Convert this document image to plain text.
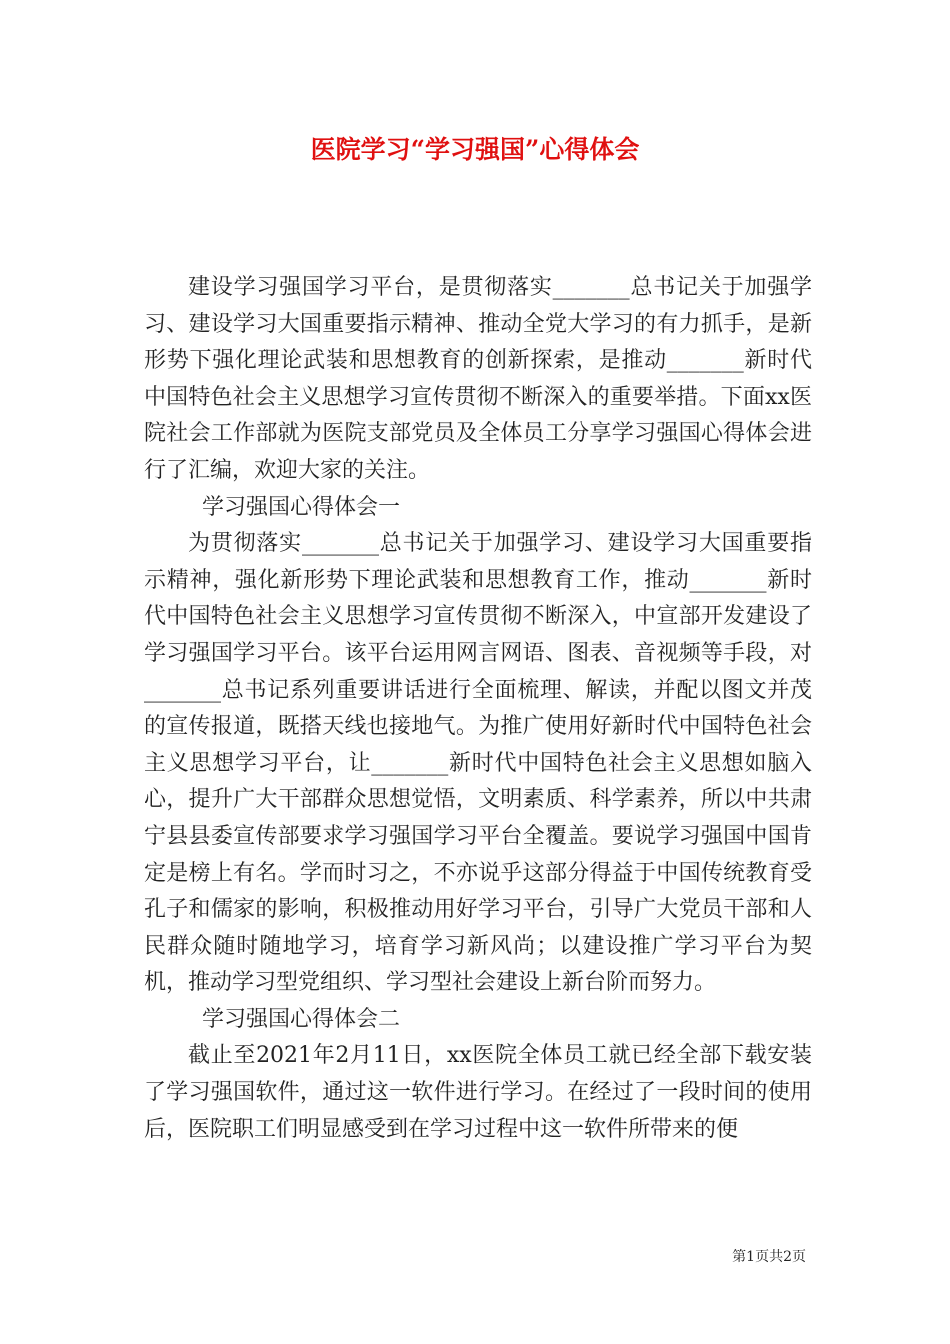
医院学习“学习强国”心得体会

建设学习强国学习平台，是贯彻落实_______总书记关于加强学习、建设学习大国重要指示精神、推动全党大学习的有力抓手，是新形势下强化理论武装和思想教育的创新探索，是推动_______新时代中国特色社会主义思想学习宣传贯彻不断深入的重要举措。下面xx医院社会工作部就为医院支部党员及全体员工分享学习强国心得体会进行了汇编，欢迎大家的关注。

学习强国心得体会一

为贯彻落实_______总书记关于加强学习、建设学习大国重要指示精神，强化新形势下理论武装和思想教育工作，推动_______新时代中国特色社会主义思想学习宣传贯彻不断深入，中宣部开发建设了学习强国学习平台。该平台运用网言网语、图表、音视频等手段，对_______总书记系列重要讲话进行全面梳理、解读，并配以图文并茂的宣传报道，既搭天线也接地气。为推广使用好新时代中国特色社会主义思想学习平台，让_______新时代中国特色社会主义思想如脑入心，提升广大干部群众思想觉悟，文明素质、科学素养，所以中共肃宁县县委宣传部要求学习强国学习平台全覆盖。要说学习强国中国肯定是榜上有名。学而时习之，不亦说乎这部分得益于中国传统教育受孔子和儒家的影响，积极推动用好学习平台，引导广大党员干部和人民群众随时随地学习，培育学习新风尚；以建设推广学习平台为契机，推动学习型党组织、学习型社会建设上新台阶而努力。

学习强国心得体会二

截止至2021年2月11日，xx医院全体员工就已经全部下载安装了学习强国软件，通过这一软件进行学习。在经过了一段时间的使用后，医院职工们明显感受到在学习过程中这一软件所带来的便

第1页共2页
